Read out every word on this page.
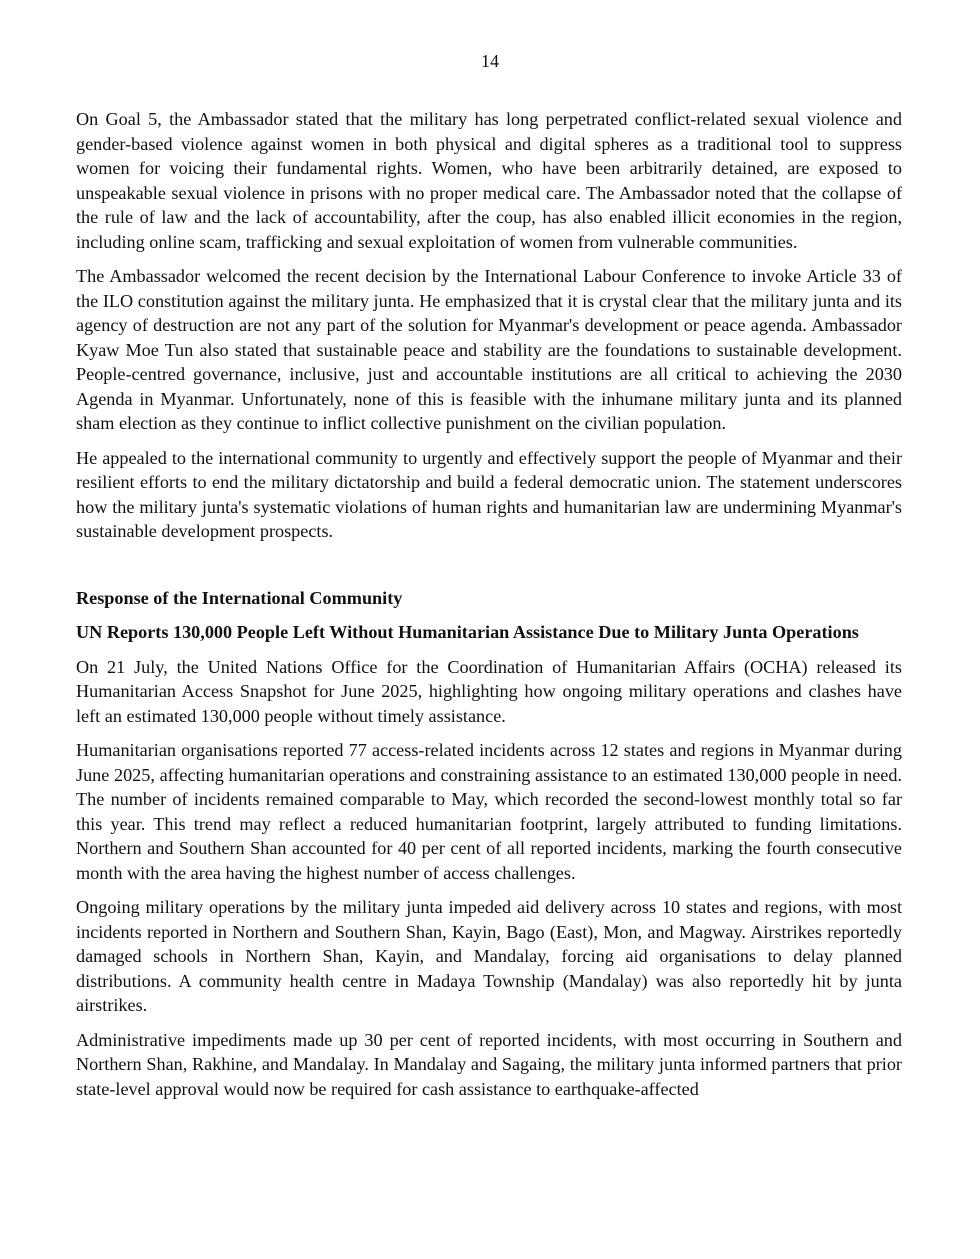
14

On Goal 5, the Ambassador stated that the military has long perpetrated conflict-related sexual violence and gender-based violence against women in both physical and digital spheres as a traditional tool to suppress women for voicing their fundamental rights. Women, who have been arbitrarily detained, are exposed to unspeakable sexual violence in prisons with no proper medical care. The Ambassador noted that the collapse of the rule of law and the lack of accountability, after the coup, has also enabled illicit economies in the region, including online scam, trafficking and sexual exploitation of women from vulnerable communities.

The Ambassador welcomed the recent decision by the International Labour Conference to invoke Article 33 of the ILO constitution against the military junta. He emphasized that it is crystal clear that the military junta and its agency of destruction are not any part of the solution for Myanmar's development or peace agenda. Ambassador Kyaw Moe Tun also stated that sustainable peace and stability are the foundations to sustainable development. People-centred governance, inclusive, just and accountable institutions are all critical to achieving the 2030 Agenda in Myanmar. Unfortunately, none of this is feasible with the inhumane military junta and its planned sham election as they continue to inflict collective punishment on the civilian population.

He appealed to the international community to urgently and effectively support the people of Myanmar and their resilient efforts to end the military dictatorship and build a federal democratic union. The statement underscores how the military junta's systematic violations of human rights and humanitarian law are undermining Myanmar's sustainable development prospects.

Response of the International Community
UN Reports 130,000 People Left Without Humanitarian Assistance Due to Military Junta Operations

On 21 July, the United Nations Office for the Coordination of Humanitarian Affairs (OCHA) released its Humanitarian Access Snapshot for June 2025, highlighting how ongoing military operations and clashes have left an estimated 130,000 people without timely assistance.

Humanitarian organisations reported 77 access-related incidents across 12 states and regions in Myanmar during June 2025, affecting humanitarian operations and constraining assistance to an estimated 130,000 people in need. The number of incidents remained comparable to May, which recorded the second-lowest monthly total so far this year. This trend may reflect a reduced humanitarian footprint, largely attributed to funding limitations. Northern and Southern Shan accounted for 40 per cent of all reported incidents, marking the fourth consecutive month with the area having the highest number of access challenges.

Ongoing military operations by the military junta impeded aid delivery across 10 states and regions, with most incidents reported in Northern and Southern Shan, Kayin, Bago (East), Mon, and Magway. Airstrikes reportedly damaged schools in Northern Shan, Kayin, and Mandalay, forcing aid organisations to delay planned distributions. A community health centre in Madaya Township (Mandalay) was also reportedly hit by junta airstrikes.

Administrative impediments made up 30 per cent of reported incidents, with most occurring in Southern and Northern Shan, Rakhine, and Mandalay. In Mandalay and Sagaing, the military junta informed partners that prior state-level approval would now be required for cash assistance to earthquake-affected
